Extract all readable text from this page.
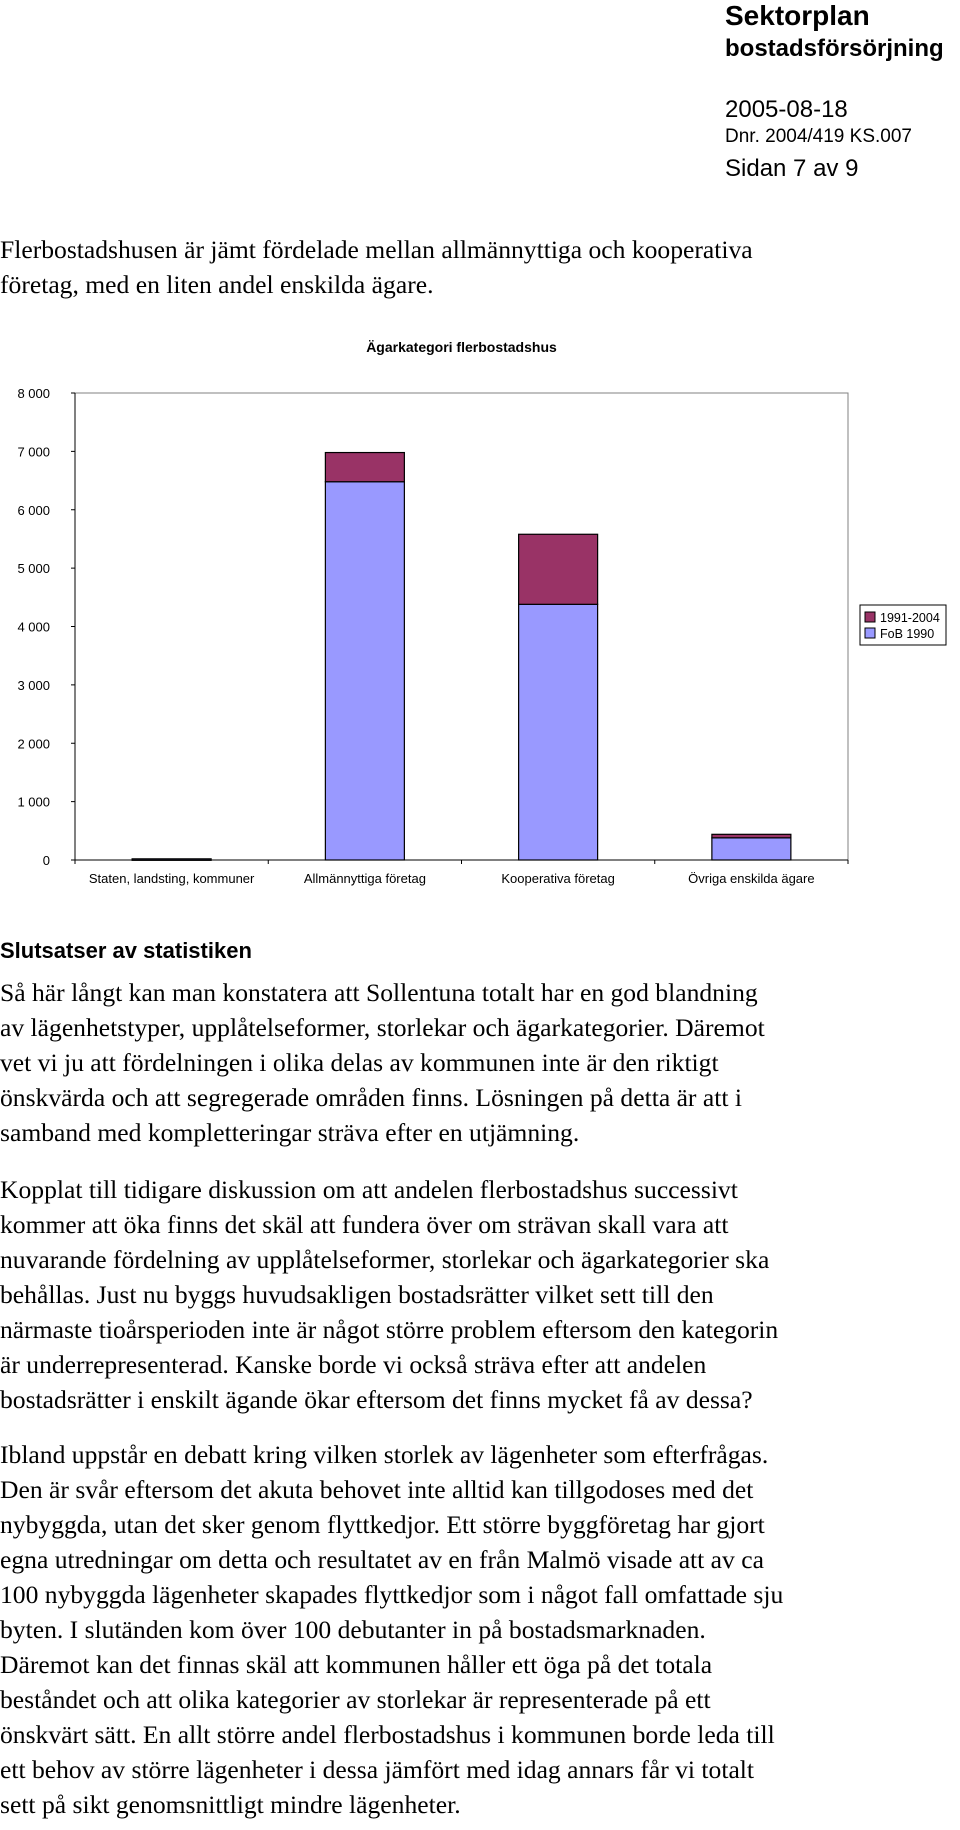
Sektorplan
bostadsförsörjning
2005-08-18
Dnr. 2004/419 KS.007
Sidan 7 av 9
Flerbostadshusen är jämt fördelade mellan allmännyttiga och kooperativa
företag, med en liten andel enskilda ägare.
Ägarkategori flerbostadshus
0
1 000
2 000
3 000
4 000
5 000
6 000
7 000
8 000
Staten, landsting, kommuner	Allmännyttiga företag	Kooperativa företag	Övriga enskilda ägare
1991-2004
FoB 1990
Slutsatser av statistiken
Så här långt kan man konstatera att Sollentuna totalt har en god blandning
av lägenhetstyper, upplåtelseformer, storlekar och ägarkategorier. Däremot
vet vi ju att fördelningen i olika delas av kommunen inte är den riktigt
önskvärda och att segregerade områden finns. Lösningen på detta är att i
samband med kompletteringar sträva efter en utjämning.
Kopplat till tidigare diskussion om att andelen flerbostadshus successivt
kommer att öka finns det skäl att fundera över om strävan skall vara att
nuvarande fördelning av upplåtelseformer, storlekar och ägarkategorier ska
behållas. Just nu byggs huvudsakligen bostadsrätter vilket sett till den
närmaste tioårsperioden inte är något större problem eftersom den kategorin
är underrepresenterad. Kanske borde vi också sträva efter att andelen
bostadsrätter i enskilt ägande ökar eftersom det finns mycket få av dessa?
Ibland uppstår en debatt kring vilken storlek av lägenheter som efterfrågas.
Den är svår eftersom det akuta behovet inte alltid kan tillgodoses med det
nybyggda, utan det sker genom flyttkedjor. Ett större byggföretag har gjort
egna utredningar om detta och resultatet av en från Malmö visade att av ca
100 nybyggda lägenheter skapades flyttkedjor som i något fall omfattade sju
byten. I slutänden kom över 100 debutanter in på bostadsmarknaden.
Däremot kan det finnas skäl att kommunen håller ett öga på det totala
beståndet och att olika kategorier av storlekar är representerade på ett
önskvärt sätt. En allt större andel flerbostadshus i kommunen borde leda till
ett behov av större lägenheter i dessa jämfört med idag annars får vi totalt
sett på sikt genomsnittligt mindre lägenheter.
